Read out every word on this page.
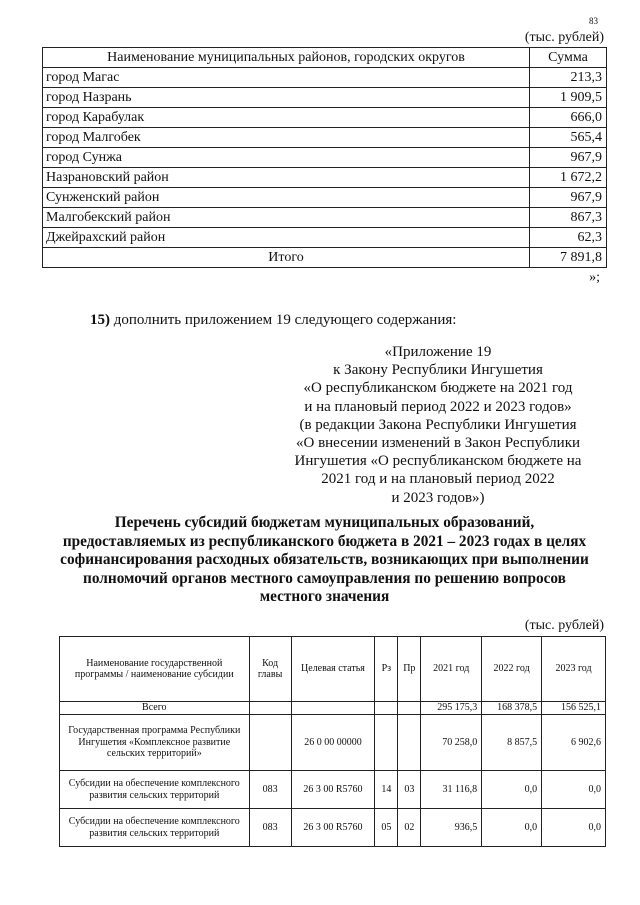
83
(тыс. рублей)
Наименование муниципальных районов, городских округов	Сумма
город Магас	213,3
город Назрань	1 909,5
город Карабулак	666,0
город Малгобек	565,4
город Сунжа	967,9
Назрановский район	1 672,2
Сунженский район	967,9
Малгобекский район	867,3
Джейрахский район	62,3
Итого	7 891,8
»;
15) дополнить приложением 19 следующего содержания:
«Приложение 19
к Закону Республики Ингушетия
«О республиканском бюджете на 2021 год
и на плановый период 2022 и 2023 годов»
(в редакции Закона Республики Ингушетия
«О внесении изменений в Закон Республики
Ингушетия «О республиканском бюджете на
2021 год и на плановый период 2022
и 2023 годов»)
Перечень субсидий бюджетам муниципальных образований,
предоставляемых из республиканского бюджета в 2021 – 2023 годах в целях
софинансирования расходных обязательств, возникающих при выполнении
полномочий органов местного самоуправления по решению вопросов
местного значения
(тыс. рублей)
Наименование государственной программы / наименование субсидии	Код главы	Целевая статья	Рз	Пр	2021 год	2022 год	2023 год
Всего					295 175,3	168 378,5	156 525,1
Государственная программа Республики Ингушетия «Комплексное развитие сельских территорий»		26 0 00 00000			70 258,0	8 857,5	6 902,6
Субсидии на обеспечение комплексного развития сельских территорий	083	26 3 00 R5760	14	03	31 116,8	0,0	0,0
Субсидии на обеспечение комплексного развития сельских территорий	083	26 3 00 R5760	05	02	936,5	0,0	0,0
